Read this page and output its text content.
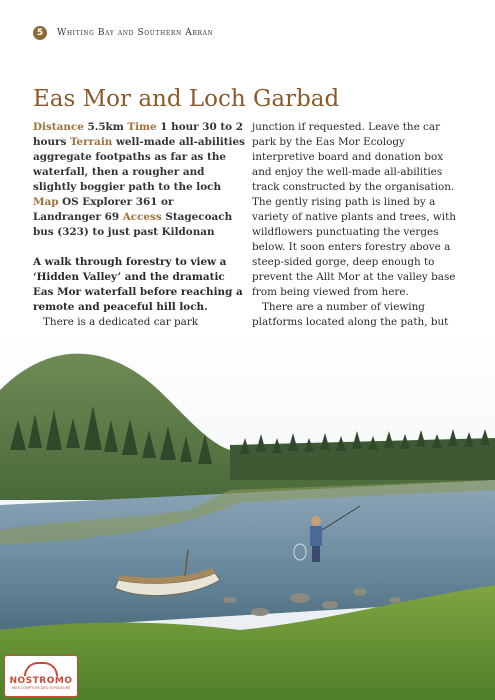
5	Whiting Bay and Southern Arran
Eas Mor and Loch Garbad

Distance 5.5km Time 1 hour 30 to 2 hours Terrain well-made all-abilities aggregate footpaths as far as the waterfall, then a rougher and slightly boggier path to the loch Map OS Explorer 361 or Landranger 69 Access Stagecoach bus (323) to just past Kildonan

A walk through forestry to view a ‘Hidden Valley’ and the dramatic Eas Mor waterfall before reaching a remote and peaceful hill loch.

There is a dedicated car park

junction if requested. Leave the car park by the Eas Mor Ecology interpretive board and donation box and enjoy the well-made all-abilities track constructed by the organisation. The gently rising path is lined by a variety of native plants and trees, with wildflowers punctuating the verges below. It soon enters forestry above a steep-sided gorge, deep enough to prevent the Allt Mor at the valley base from being viewed from here.

There are a number of viewing platforms located along the path, but

NOSTROMO
WEB COMPTOIR DES VOYAGEURS
